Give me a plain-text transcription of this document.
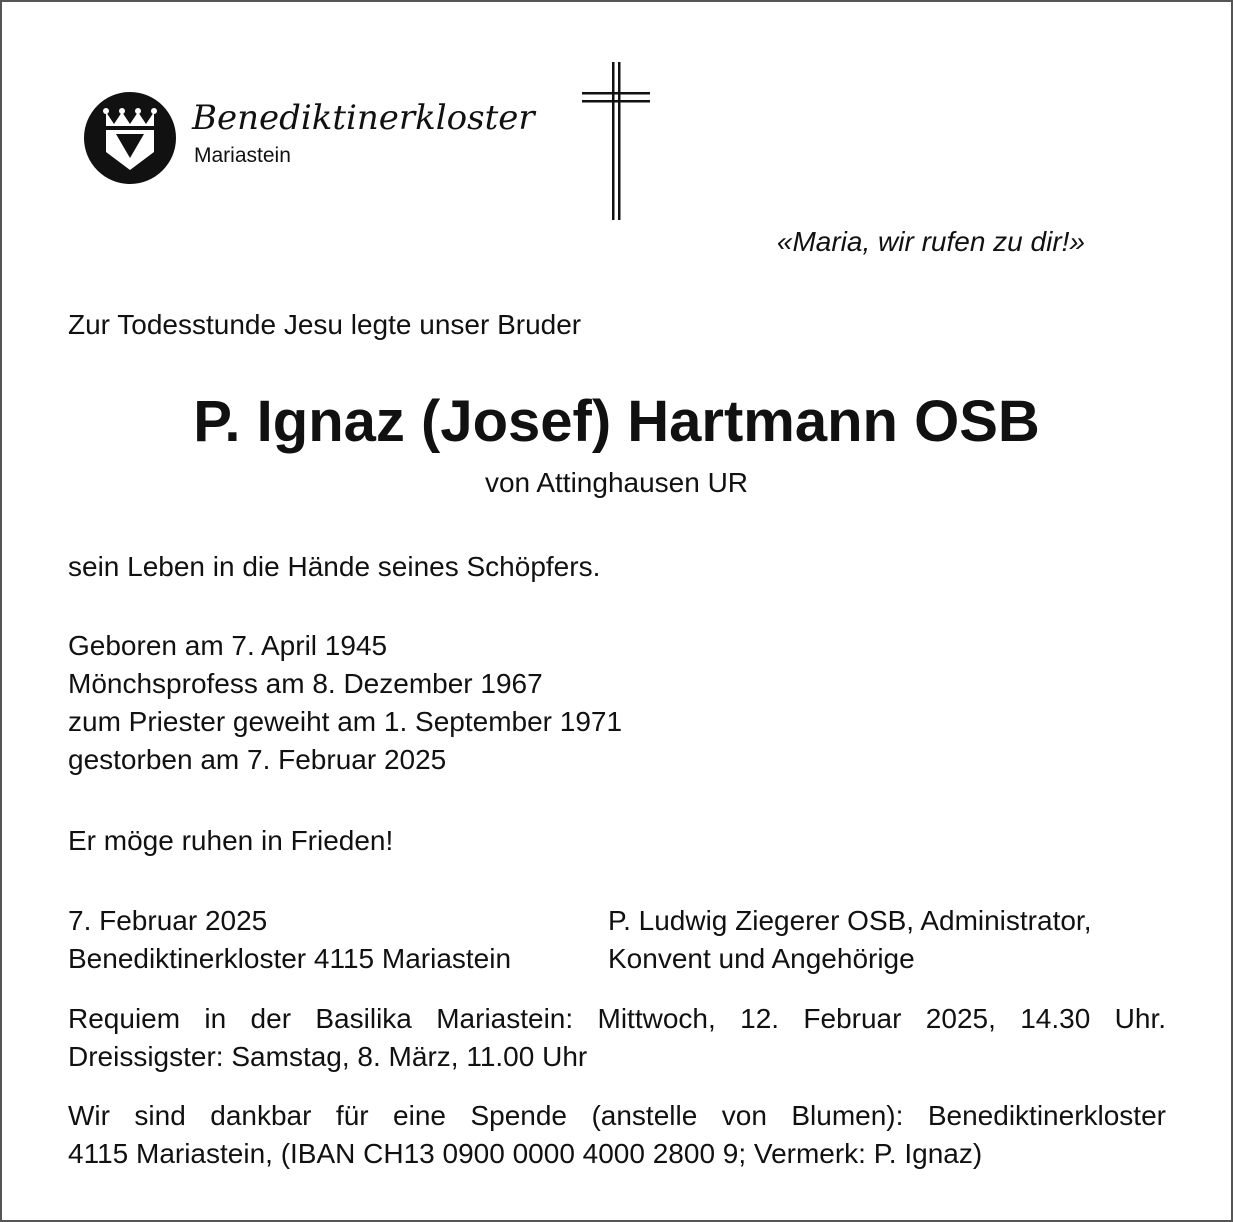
Benediktinerkloster
Mariastein
«Maria, wir rufen zu dir!»
Zur Todesstunde Jesu legte unser Bruder
P. Ignaz (Josef) Hartmann OSB
von Attinghausen UR
sein Leben in die Hände seines Schöpfers.
Geboren am 7. April 1945
Mönchsprofess am 8. Dezember 1967
zum Priester geweiht am 1. September 1971
gestorben am 7. Februar 2025
Er möge ruhen in Frieden!
7. Februar 2025
Benediktinerkloster 4115 Mariastein
P. Ludwig Ziegerer OSB, Administrator,
Konvent und Angehörige
Requiem in der Basilika Mariastein: Mittwoch, 12. Februar 2025, 14.30 Uhr.
Dreissigster: Samstag, 8. März, 11.00 Uhr
Wir sind dankbar für eine Spende (anstelle von Blumen): Benediktinerkloster
4115 Mariastein, (IBAN CH13 0900 0000 4000 2800 9; Vermerk: P. Ignaz)
